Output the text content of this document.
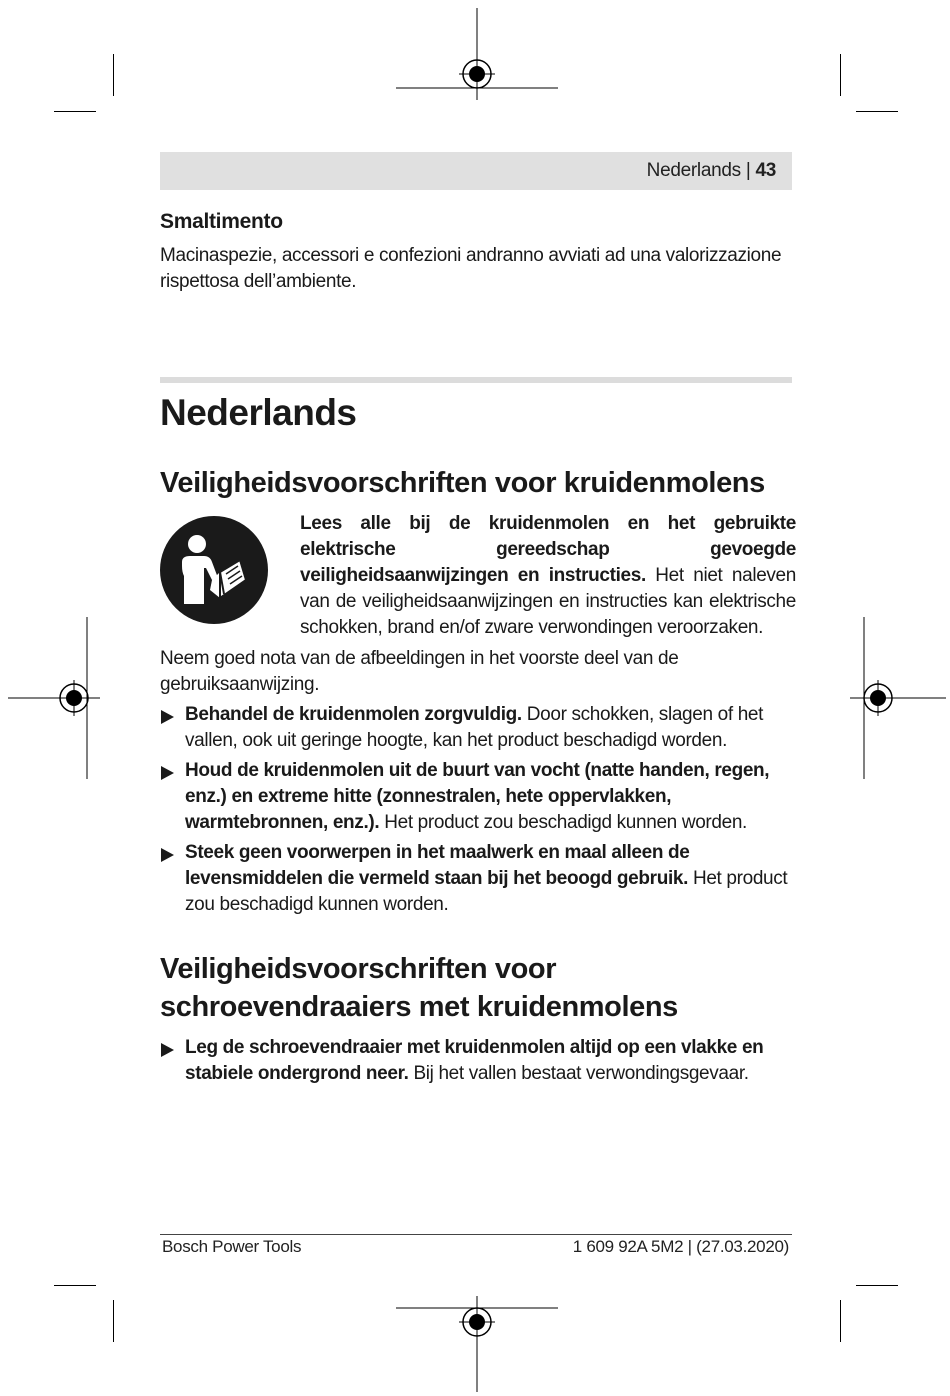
Nederlands | 43

Smaltimento

Macinaspezie, accessori e confezioni andranno avviati ad una valorizzazione rispettosa dell’ambiente.

Nederlands

Veiligheidsvoorschriften voor kruidenmolens

Lees alle bij de kruidenmolen en het gebruikte elektrische gereedschap gevoegde veiligheidsaanwijzingen en instructies. Het niet naleven van de veiligheidsaanwijzingen en instructies kan elektrische schokken, brand en/of zware verwondingen veroorzaken.

Neem goed nota van de afbeeldingen in het voorste deel van de gebruiksaanwijzing.

Behandel de kruidenmolen zorgvuldig. Door schokken, slagen of het vallen, ook uit geringe hoogte, kan het product beschadigd worden.

Houd de kruidenmolen uit de buurt van vocht (natte handen, regen, enz.) en extreme hitte (zonnestralen, hete oppervlakken, warmtebronnen, enz.). Het product zou beschadigd kunnen worden.

Steek geen voorwerpen in het maalwerk en maal alleen de levensmiddelen die vermeld staan bij het beoogd gebruik. Het product zou beschadigd kunnen worden.

Veiligheidsvoorschriften voor

schroevendraaiers met kruidenmolens

Leg de schroevendraaier met kruidenmolen altijd op een vlakke en stabiele ondergrond neer. Bij het vallen bestaat verwondingsgevaar.

Bosch Power Tools	1 609 92A 5M2 | (27.03.2020)
